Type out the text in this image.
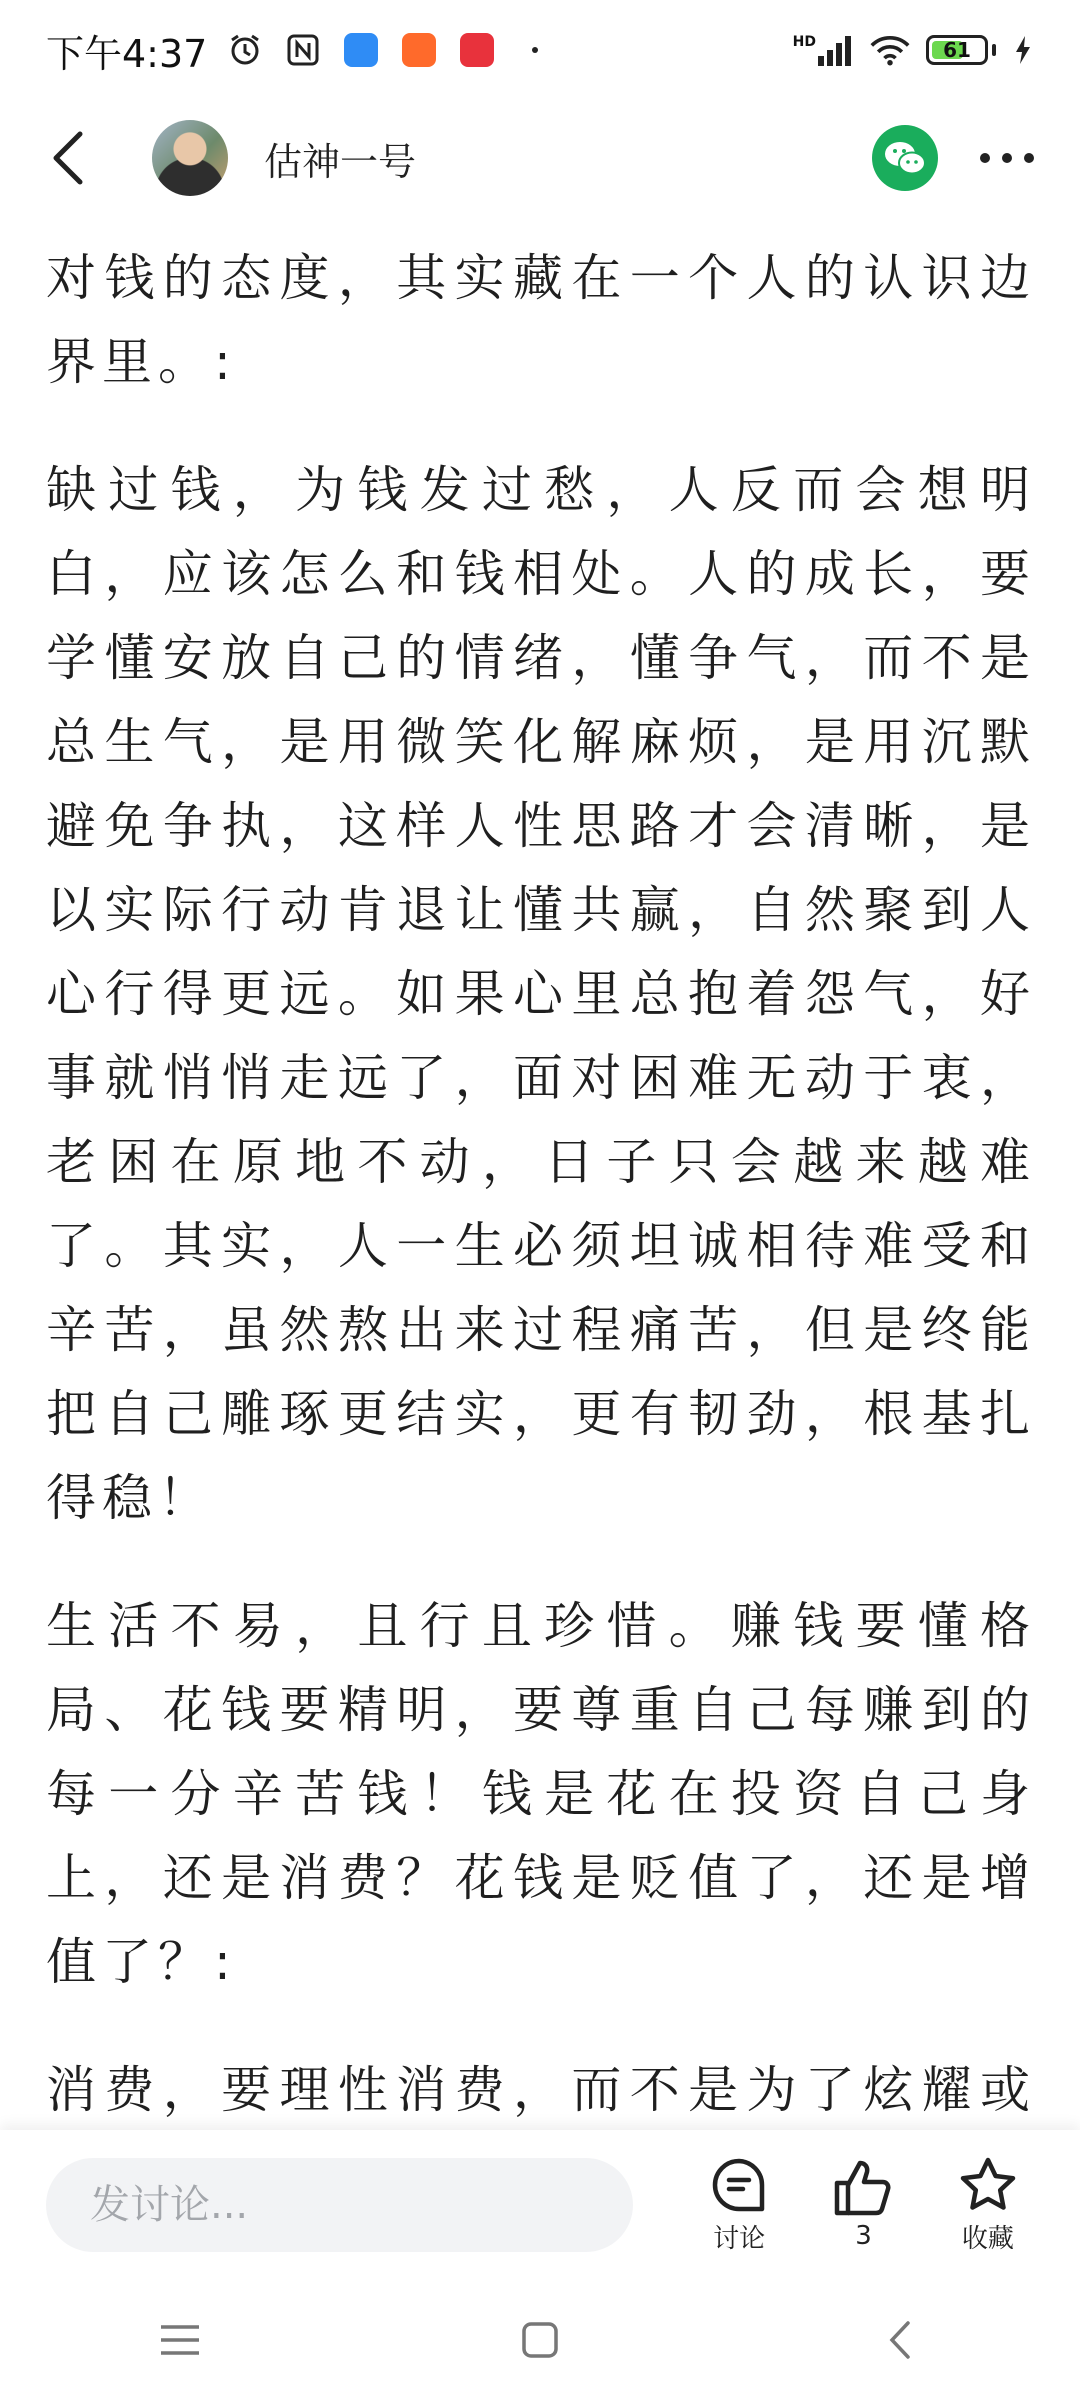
下午4:37	HD	61
估神一号

对钱的态度，其实藏在一个人的认识边界里。:

缺过钱，为钱发过愁，人反而会想明白，应该怎么和钱相处。人的成长，要学懂安放自己的情绪，懂争气，而不是总生气，是用微笑化解麻烦，是用沉默避免争执，这样人性思路才会清晰，是以实际行动肯退让懂共赢，自然聚到人心行得更远。如果心里总抱着怨气，好事就悄悄走远了，面对困难无动于衷，老困在原地不动，日子只会越来越难了。其实，人一生必须坦诚相待难受和辛苦，虽然熬出来过程痛苦，但是终能把自己雕琢更结实，更有韧劲，根基扎得稳！

生活不易，且行且珍惜。赚钱要懂格局、花钱要精明，要尊重自己每赚到的每一分辛苦钱！钱是花在投资自己身上，还是消费？花钱是贬值了，还是增值了？:

消费，要理性消费，而不是为了炫耀或

发讨论...
讨论	3	收藏
